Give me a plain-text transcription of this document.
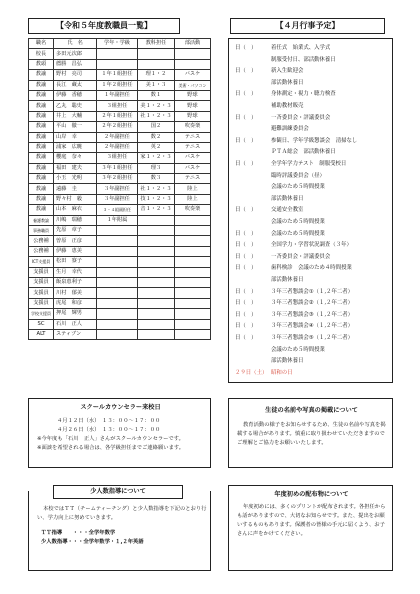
【令和５年度教職員一覧】
職名	氏　名	学年・学級	教科担任	部活動
校長	多田元次郎			
教頭	薦勝　昌弘			
教諭	野村　亮司	１年１組担任	理１・２	バスケ
教諭	長江　蔵太	１年２組担任	美１・３	美術・パソコン
教諭	伊藤　香穂	１年副担任	数１	野球
教諭	乙丸　聡史	３組担任	美１・２・３	野球
教諭	井上　大輔	２年１組担任	社１・２・３	野球
教諭	平山　徹一	２年２組担任	国２	吹奏楽
教諭	山岸　幸	２年副担任	数２	テニス
教諭	浦家　広暁	２年副担任	英２	テニス
教諭	櫻庭　奈々	３組担任	家１・２・３	バスケ
教諭	福田　建夫	３年１組担任	理３	バスケ
教諭	小玉　光明	３年２組担任	数３	テニス
教諭	遠藤　圭	３年副担任	社１・２・３	陸上
教諭	野々村　毅	３年副担任	技１・２・３	陸上
教諭	山本　麻衣	３・４組副担任	音１・２・３	吹奏楽
養護教諭	川嶋　瑞穂	１年附属		
事務職員	先原　章子			
公務補	曽原　正彦			
公務補	伊藤　恵美			
ICT支援員	松田　寮子			
支援員	生月　幸代			
支援員	飯泉恵利子			
支援員	川村　郁美			
支援員	虎尾　和彦			
学校支援員	押尾　輝男			
SC	石川　正人			
ALT	スティブン			
【４月行事予定】
日（　）	着任式　始業式、入学式
制服受付日、部活動休養日
日（　）	新入生歓迎会
部活動休養日
日（　）	身体測定・視力・聴力検査
補助教材販売
日（　）	一斉委員会・評議委員会
避難訓練委員会
日（　）	参観日、学年学級懇談会　清掃なし
ＰＴＡ総会　部活動休養日
日（　）	全学年学力テスト　制服受校日
臨時評議委員会（昼）
会議のため５時間授業
部活動休養日
日（　）	交通安全教室
会議のため５時間授業
日（　）	会議のため５時間授業
日（　）	全国学力・学習状況調査（３年）
日（　）	一斉委員会・評議委員会
日（　）	歯科検診　会議のため４時間授業
部活動休養日
日（　）	３年三者懇談会①（１,２年二者）
日（　）	３年三者懇談会②（１,２年二者）
日（　）	３年三者懇談会③（１,２年二者）
日（　）	３年三者懇談会④（１,２年二者）
日（　）	３年三者懇談会⑤（１,２年二者）
会議のため５時間授業
部活動休養日
２９日（土） 昭和の日
スクールカウンセラー来校日
４月１２日（水）　１３：００～１７：００
４月２６日（水）　１３：００～１７：００
※今年度も「石川　正人」さんがスクールカウンセラーです。
※面談を希望される場合は、各学級担任までご連絡願います。
本校ではＴＴ（チームティーチング）と少人数指導を下記のとおり行い、学力向上に努めていきます。
ＴＴ指導　　・・・全学年数学
少人数指導・・・全学年数学・１,２年英語
少人数指導について
生徒の名前や写真の掲載について
教育活動の様子をお知らせするため、生徒の名前や写真を掲載する場合があります。慎重に取り扱わせていただきますのでご理解とご協力をお願いいたします。
年度初めの配布物について
年度初めには、多くのプリントが配布されます。各担任からも話がありますので、大切なお知らせです。また、提出をお願いするものもあります。保護者の皆様の手元に届くよう、お子さんに声をかけてください。
